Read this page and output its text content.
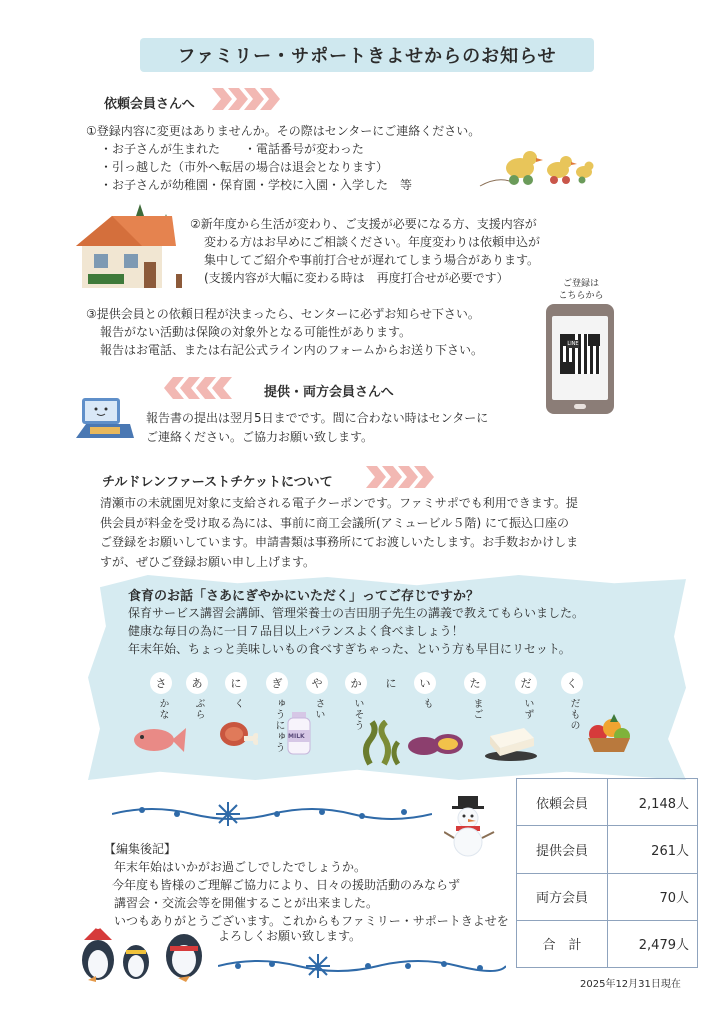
ファミリー・サポートきよせからのお知らせ
依頼会員さんへ
①登録内容に変更はありませんか。その際はセンターにご連絡ください。
・お子さんが生まれた ・電話番号が変わった
・引っ越した（市外へ転居の場合は退会となります）
・お子さんが幼稚園・保育園・学校に入園・入学した　等
②新年度から生活が変わり、ご支援が必要になる方、支援内容が
変わる方はお早めにご相談ください。年度変わりは依頼申込が
集中してご紹介や事前打合せが遅れてしまう場合があります。
(支援内容が大幅に変わる時は　再度打合せが必要です）
③提供会員との依頼日程が決まったら、センターに必ずお知らせ下さい。
報告がない活動は保険の対象外となる可能性があります。
報告はお電話、または右記公式ライン内のフォームからお送り下さい。
ご登録は
こちらから
LINE
提供・両方会員さんへ
報告書の提出は翌月5日までです。間に合わない時はセンターに
ご連絡ください。ご協力お願い致します。
チルドレンファーストチケットについて
清瀬市の未就園児対象に支給される電子クーポンです。ファミサポでも利用できます。提
供会員が料金を受け取る為には、事前に商工会議所(アミュービル５階) にて振込口座の
ご登録をお願いしています。申請書類は事務所にてお渡しいたします。お手数おかけしま
すが、ぜひご登録お願い申し上げます。
食育のお話「さあにぎやかにいただく」ってご存じですか？
保育サービス講習会講師、管理栄養士の吉田朋子先生の講義で教えてもらいました。
健康な毎日の為に一日７品目以上バランスよく食べましょう！
年末年始、ちょっと美味しいもの食べすぎちゃった、という方も早目にリセット。
さ
かな
あ
ぶら
に
く
ぎ
ゅうにゅう
や
さい
か
いそう
に	い
も
た
まご
だ
いず
く
だもの
MILK
【編集後記】
年末年始はいかがお過ごしでしたでしょうか。
今年度も皆様のご理解ご協力により、日々の援助活動のみならず
講習会・交流会等を開催することが出来ました。
いつもありがとうございます。これからもファミリー・サポートきよせを
よろしくお願い致します。
依頼会員	2,148人
提供会員	261人
両方会員	70人
合　計	2,479人
2025年12月31日現在
